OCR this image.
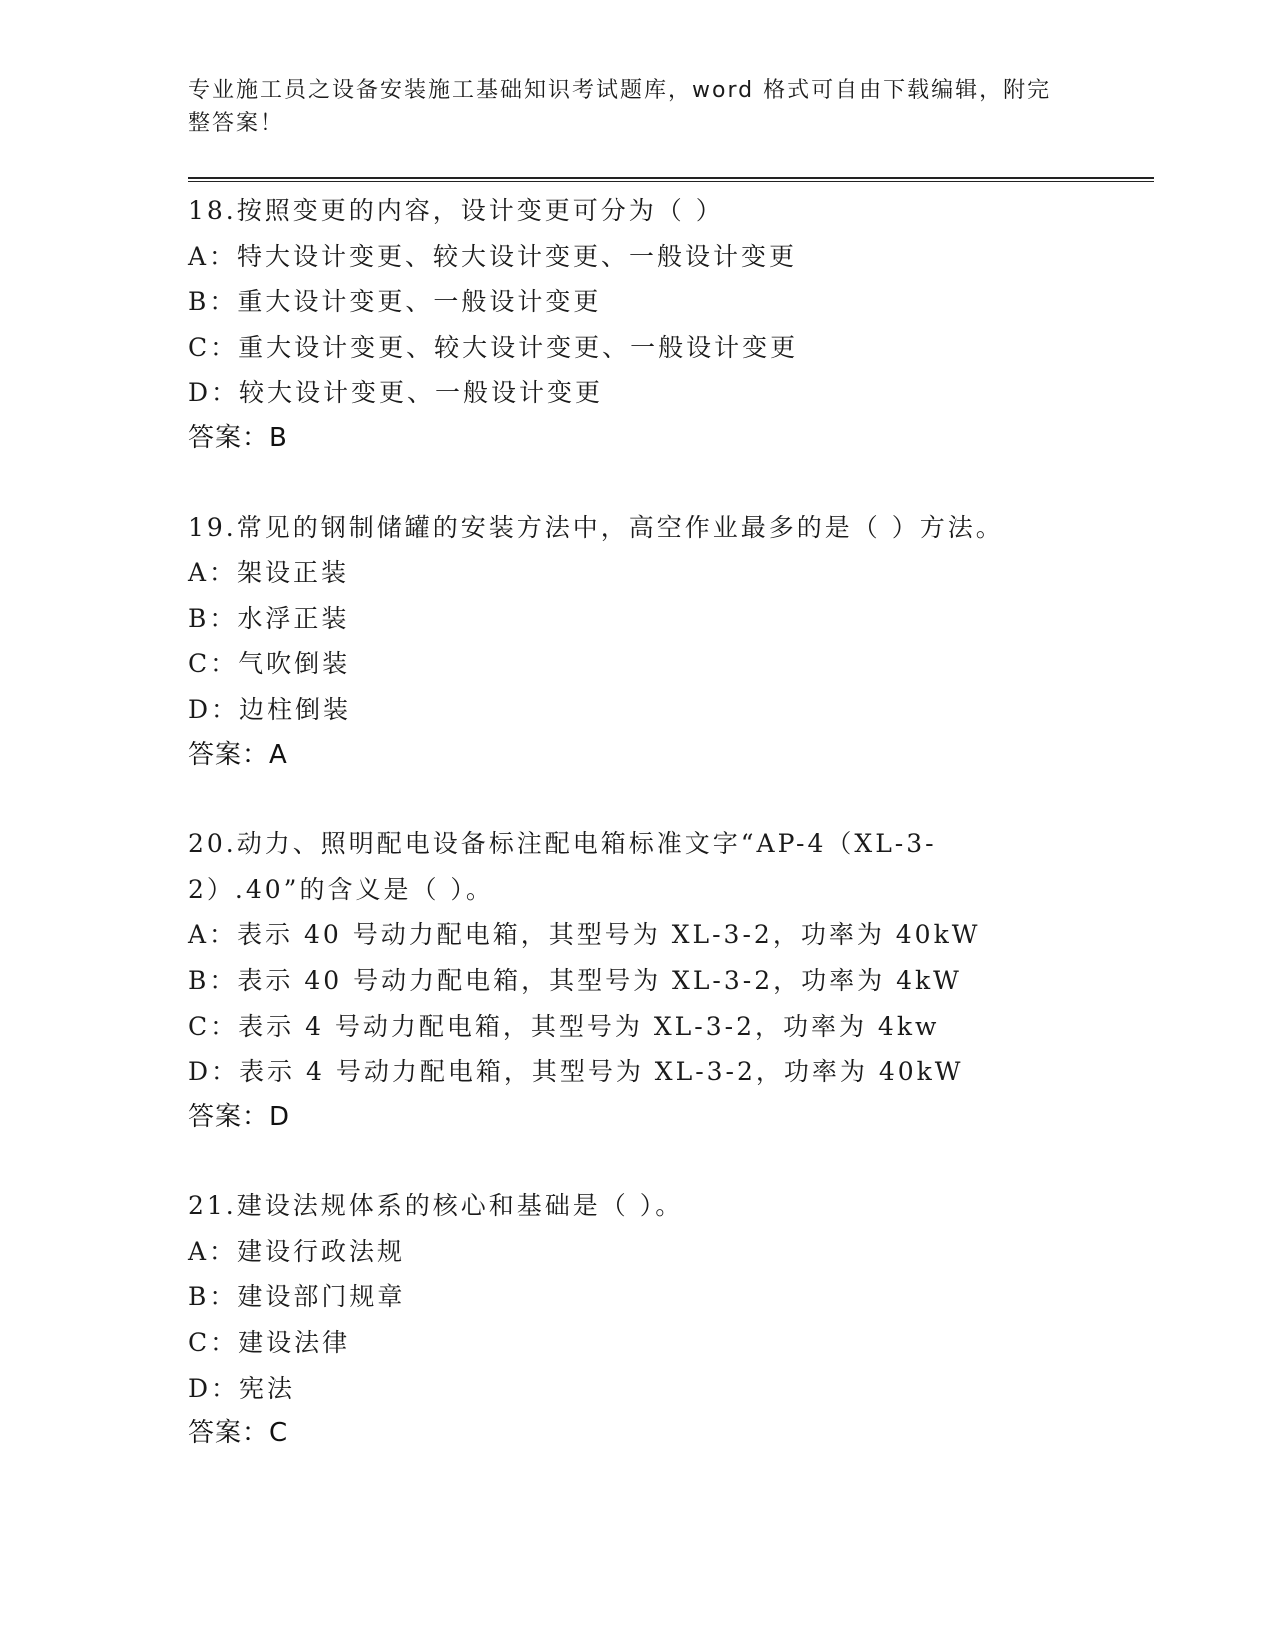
专业施工员之设备安装施工基础知识考试题库，word 格式可自由下载编辑，附完整答案！
18.按照变更的内容，设计变更可分为（ ）
A：特大设计变更、较大设计变更、一般设计变更
B：重大设计变更、一般设计变更
C：重大设计变更、较大设计变更、一般设计变更
D：较大设计变更、一般设计变更
答案：B
19.常见的钢制储罐的安装方法中，高空作业最多的是（ ）方法。
A：架设正装
B：水浮正装
C：气吹倒装
D：边柱倒装
答案：A
20.动力、照明配电设备标注配电箱标准文字“AP-4（XL-3-2）.40”的含义是（ ）。
A：表示 40 号动力配电箱，其型号为 XL-3-2，功率为 40kW
B：表示 40 号动力配电箱，其型号为 XL-3-2，功率为 4kW
C：表示 4 号动力配电箱，其型号为 XL-3-2，功率为 4kw
D：表示 4 号动力配电箱，其型号为 XL-3-2，功率为 40kW
答案：D
21.建设法规体系的核心和基础是（ ）。
A：建设行政法规
B：建设部门规章
C：建设法律
D：宪法
答案：C
